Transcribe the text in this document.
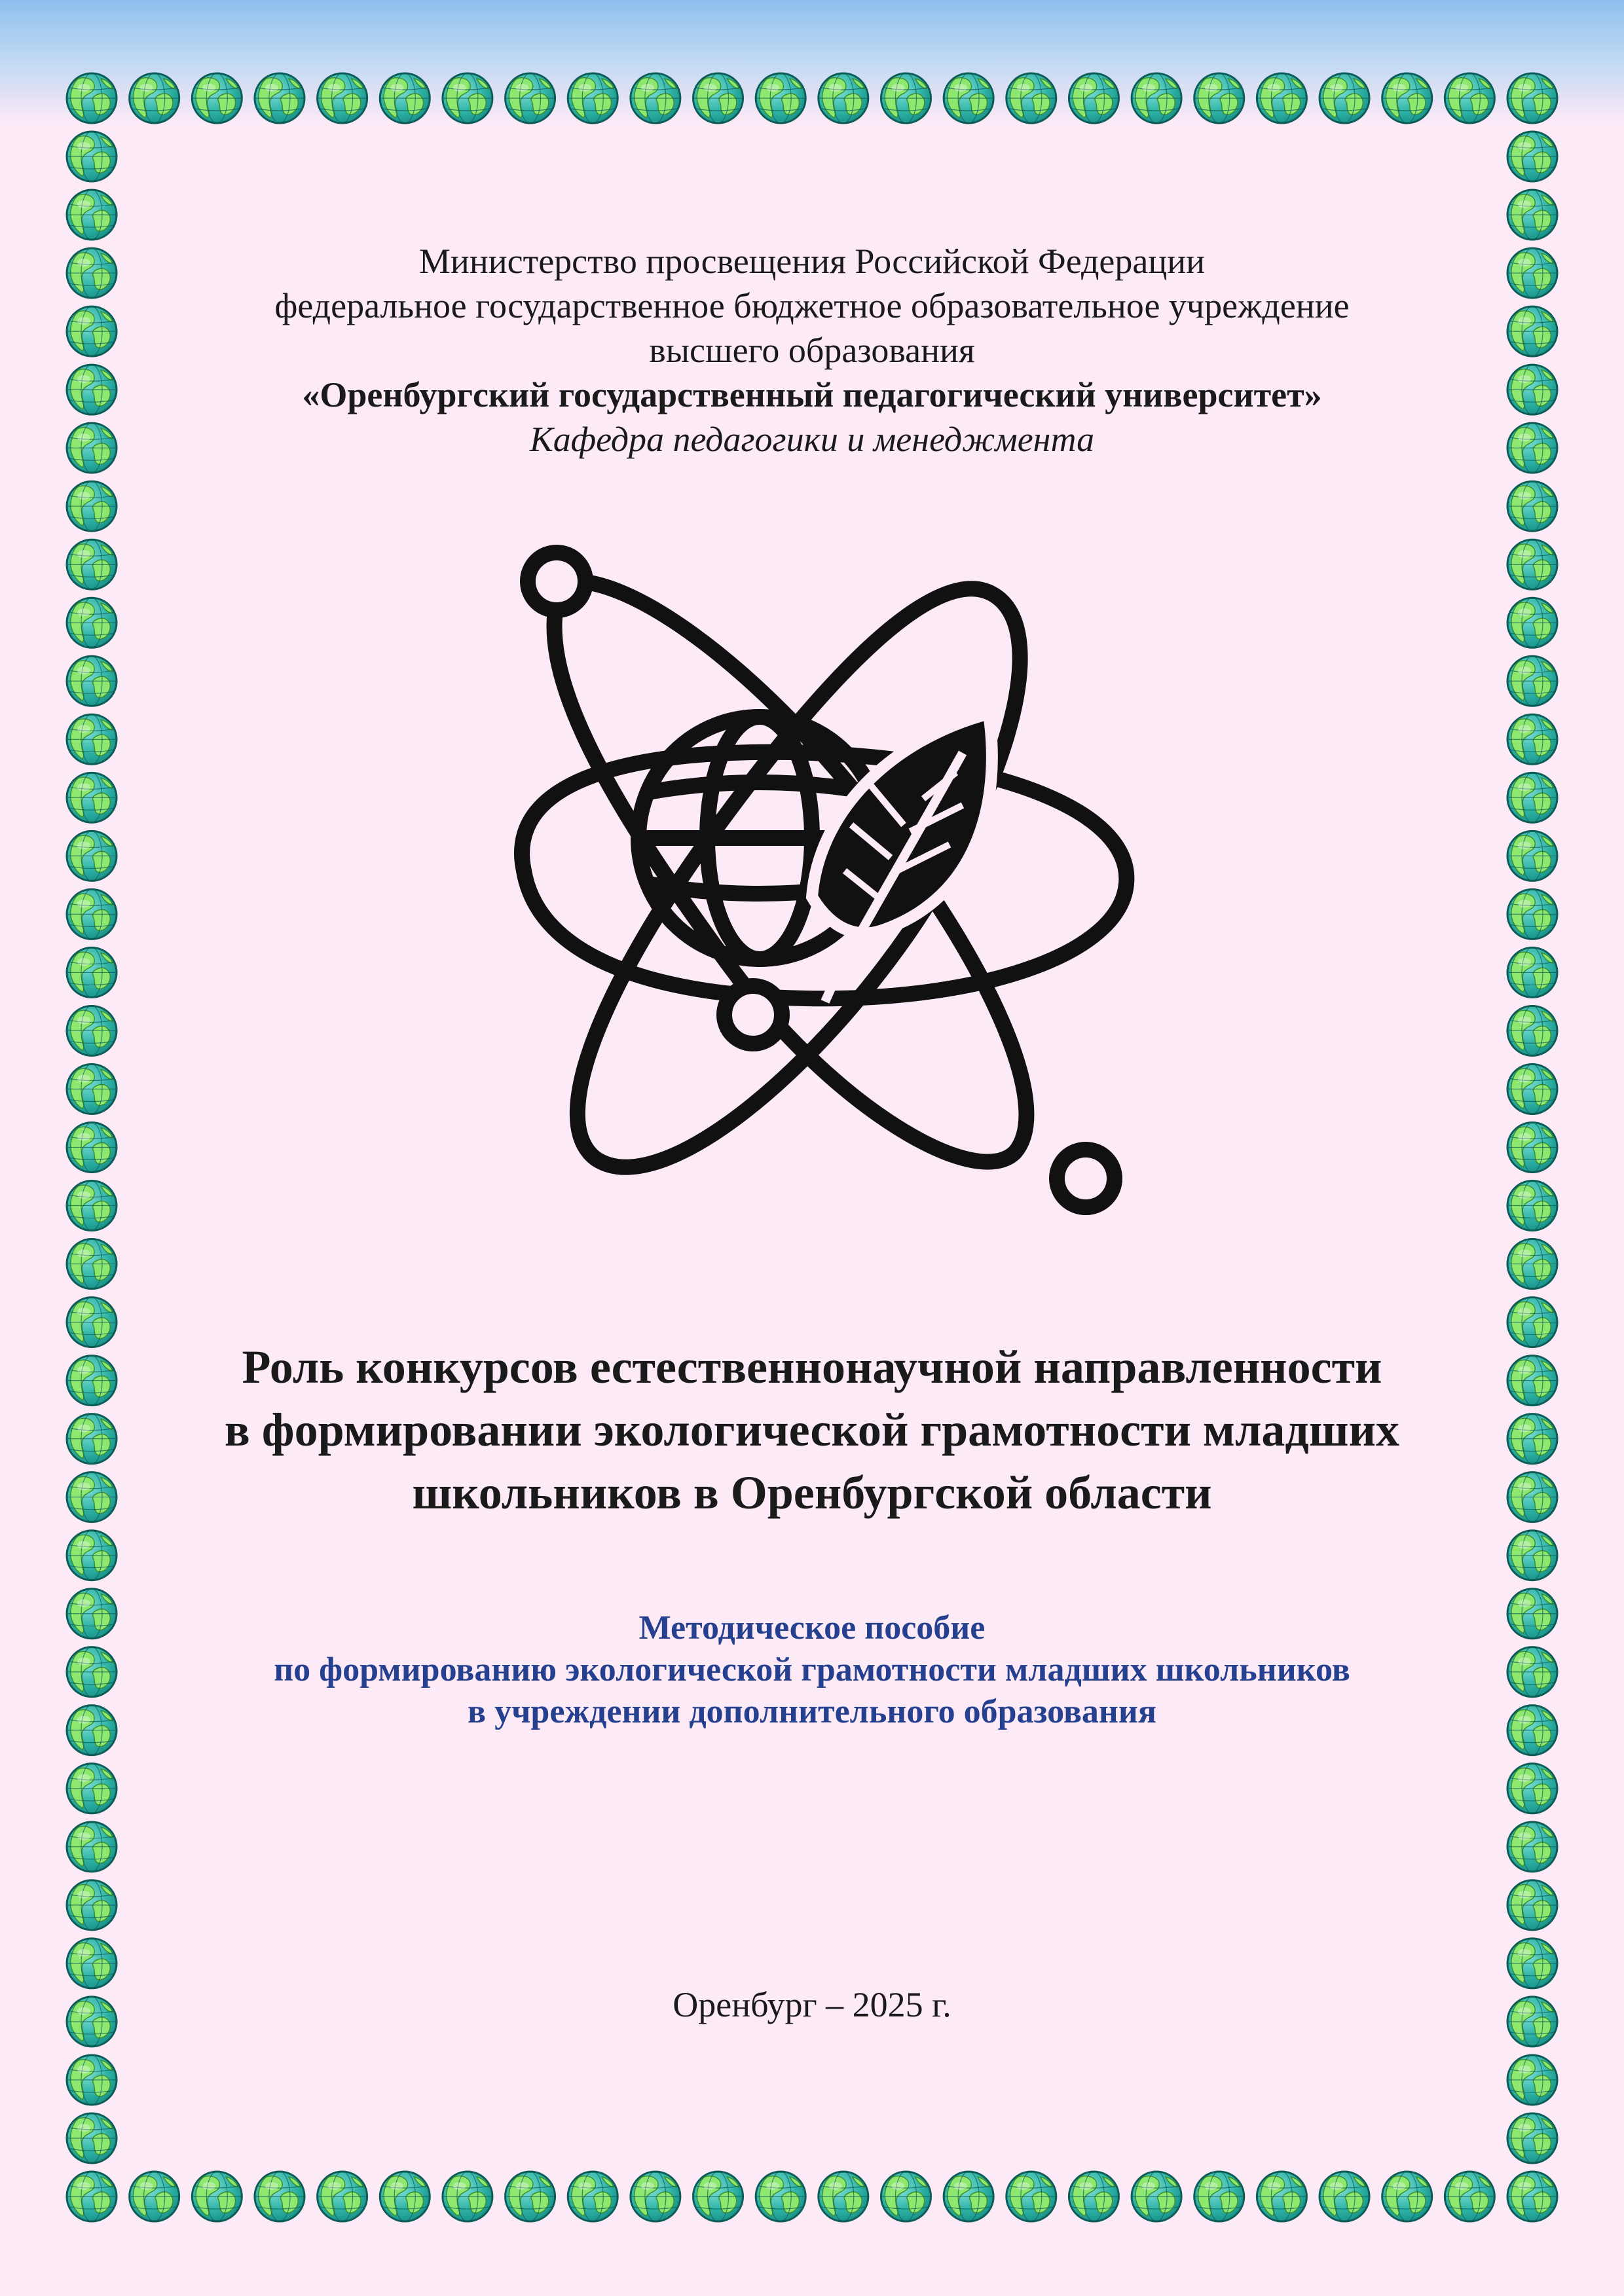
Министерство просвещения Российской Федерации
федеральное государственное бюджетное образовательное учреждение
высшего образования
«Оренбургский государственный педагогический университет»
Кафедра педагогики и менеджмента
Роль конкурсов естественнонаучной направленности
в формировании экологической грамотности младших
школьников в Оренбургской области
Методическое пособие
по формированию экологической грамотности младших школьников
в учреждении дополнительного образования
Оренбург – 2025 г.
